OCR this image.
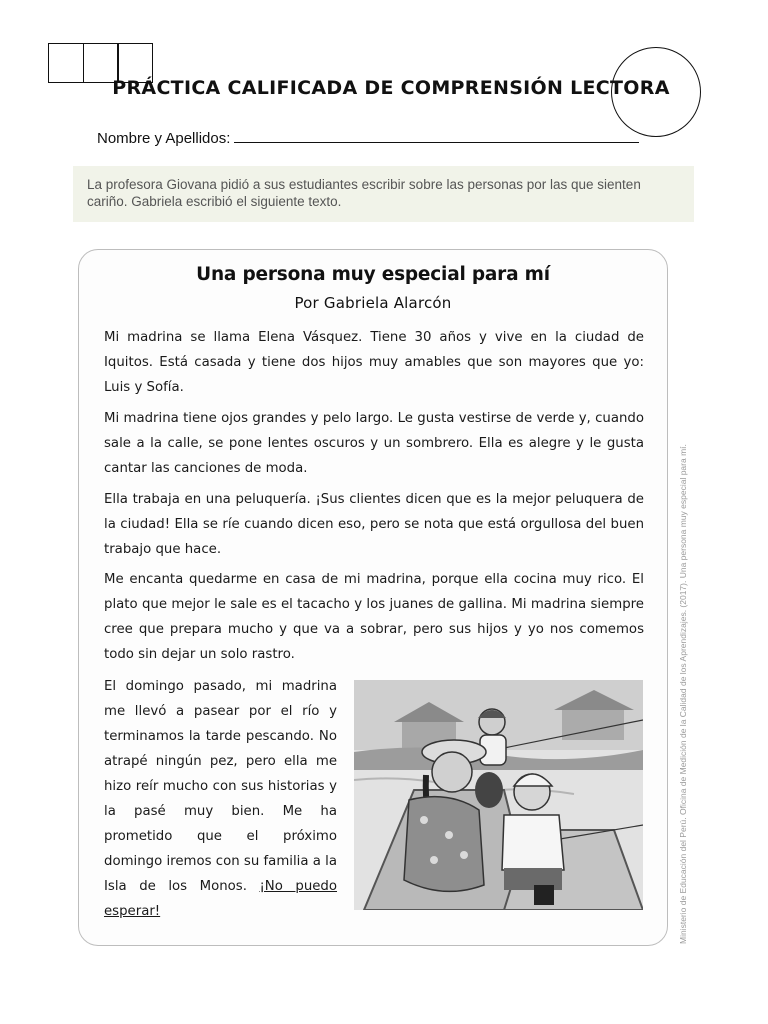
PRÁCTICA CALIFICADA DE COMPRENSIÓN LECTORA
Nombre y Apellidos:
La profesora Giovana pidió a sus estudiantes escribir sobre las personas por las que sienten cariño. Gabriela escribió el siguiente texto.
Una persona muy especial para mí
Por Gabriela Alarcón

Mi madrina se llama Elena Vásquez. Tiene 30 años y vive en la ciudad de Iquitos. Está casada y tiene dos hijos muy amables que son mayores que yo: Luis y Sofía.

Mi madrina tiene ojos grandes y pelo largo. Le gusta vestirse de verde y, cuando sale a la calle, se pone lentes oscuros y un sombrero. Ella es alegre y le gusta cantar las canciones de moda.

Ella trabaja en una peluquería. ¡Sus clientes dicen que es la mejor peluquera de la ciudad! Ella se ríe cuando dicen eso, pero se nota que está orgullosa del buen trabajo que hace.

Me encanta quedarme en casa de mi madrina, porque ella cocina muy rico. El plato que mejor le sale es el tacacho y los juanes de gallina. Mi madrina siempre cree que prepara mucho y que va a sobrar, pero sus hijos y yo nos comemos todo sin dejar un solo rastro.

El domingo pasado, mi madrina me llevó a pasear por el río y terminamos la tarde pescando. No atrapé ningún pez, pero ella me hizo reír mucho con sus historias y la pasé muy bien. Me ha prometido que el próximo domingo iremos con su familia a la Isla de los Monos. ¡No puedo esperar!	Ministerio de Educación del Perú. Oficina de Medición de la Calidad de los Aprendizajes. (2017). Una persona muy especial para mí.
